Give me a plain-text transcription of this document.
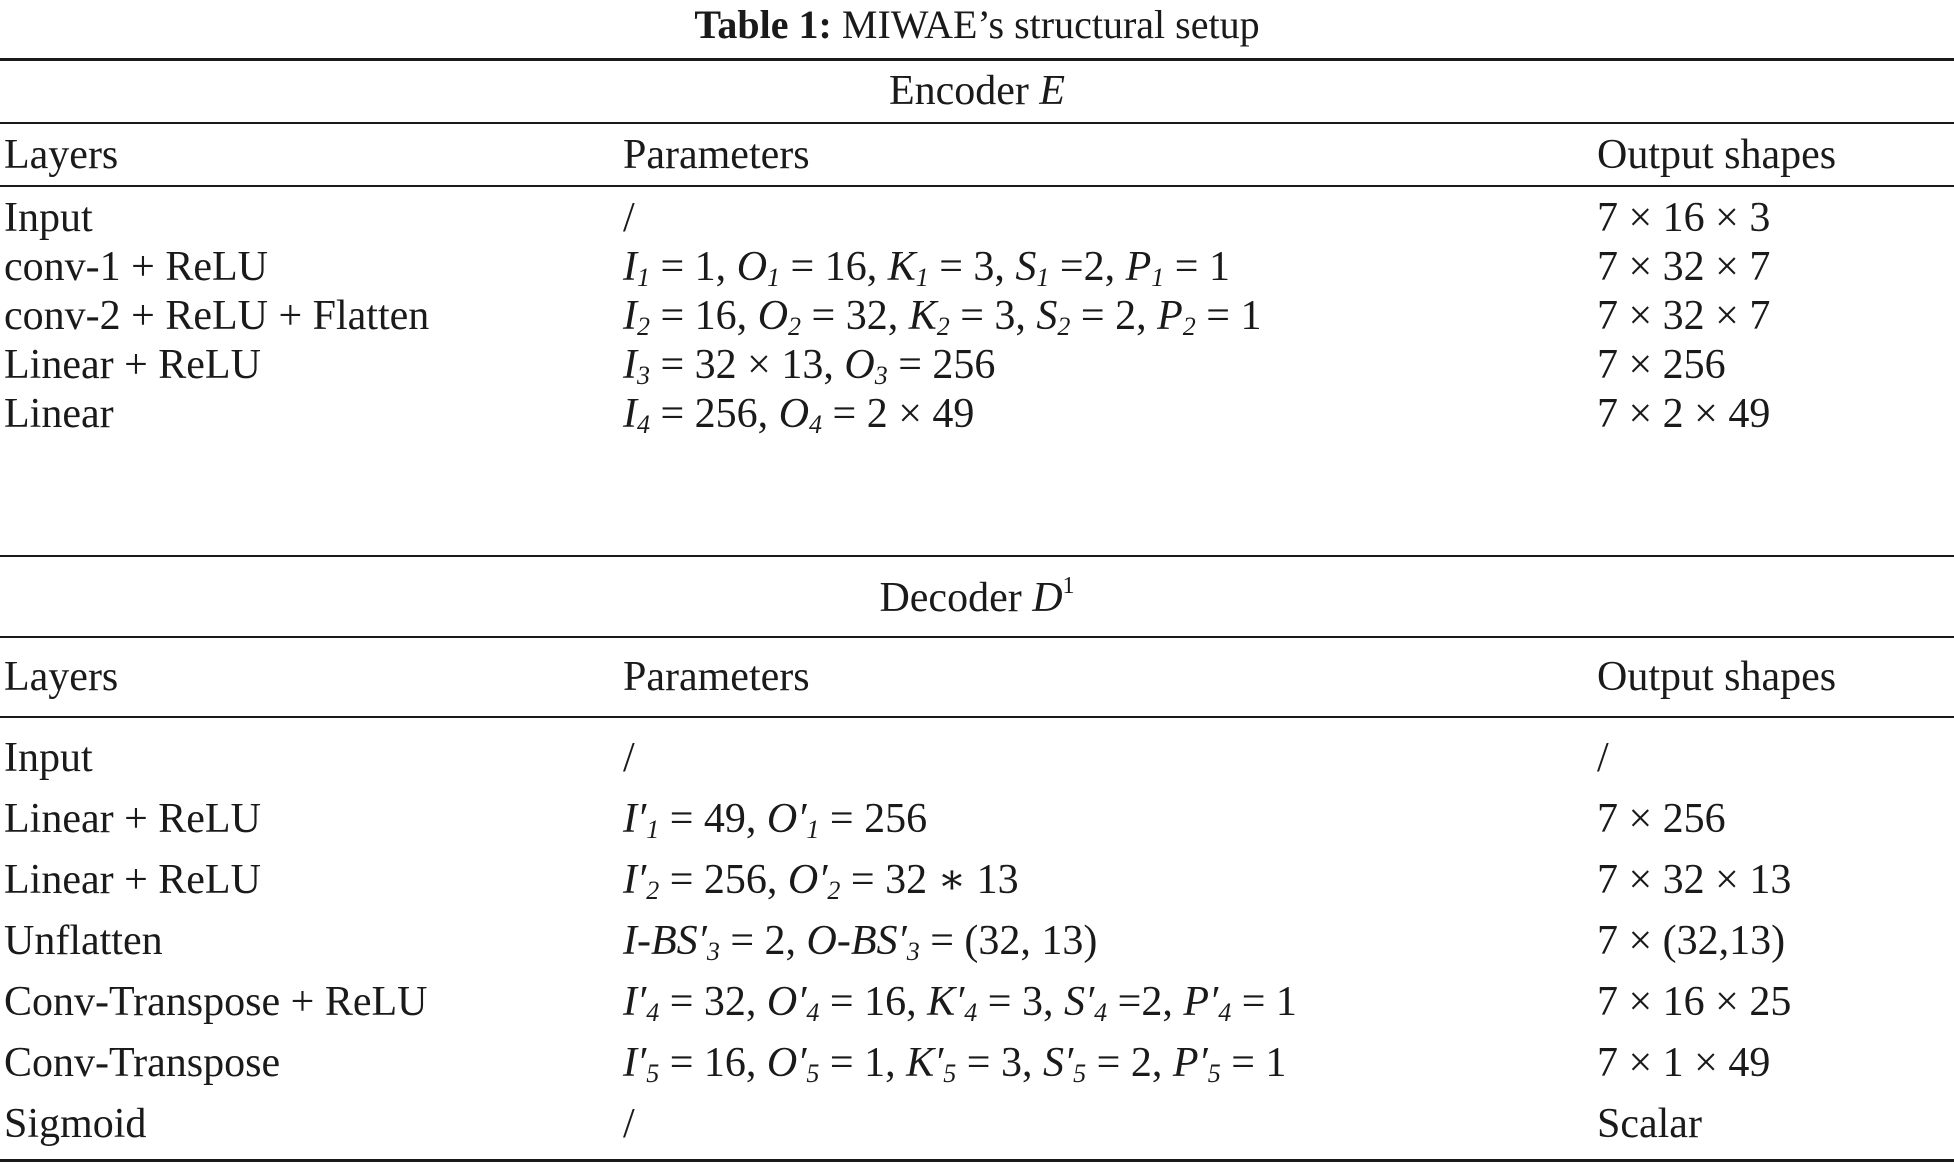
Table 1: MIWAE’s structural setup
Encoder E
Layers	Parameters	Output shapes
Input	/	7 × 16 × 3
conv-1 + ReLU	$I_1 = 1$, $O_1 = 16$, $K_1 = 3$, $S_1 =2$, $P_1 = 1$	7 × 32 × 7
conv-2 + ReLU + Flatten	$I_2 = 16$, $O_2 = 32$, $K_2 = 3$, $S_2 = 2$, $P_2 = 1$	7 × 32 × 7
Linear + ReLU	$I_3 = 32 \times 13$, $O_3 = 256$	7 × 256
Linear	$I_4 = 256$, $O_4 = 2 \times 49$	7 × 2 × 49
Decoder $D^1$
Layers	Parameters	Output shapes
Input	/	/
Linear + ReLU	$I'_1 = 49$, $O'_1 = 256$	7 × 256
Linear + ReLU	$I'_2 = 256$, $O'_2 = 32$ ∗ 13	7 × 32 × 13
Unflatten	$I-BS'_3 = 2$, $O-BS'_3 = (32$, 13)	7 × (32,13)
Conv-Transpose + ReLU	$I'_4 = 32$, $O'_4 = 16$, $K'_4 = 3$, $S'_4 =2$, $P'_4 = 1$	7 × 16 × 25
Conv-Transpose	$I'_5 = 16$, $O'_5 = 1$, $K'_5 = 3$, $S'_5 = 2$, $P'_5 = 1$	7 × 1 × 49
Sigmoid	/	Scalar
